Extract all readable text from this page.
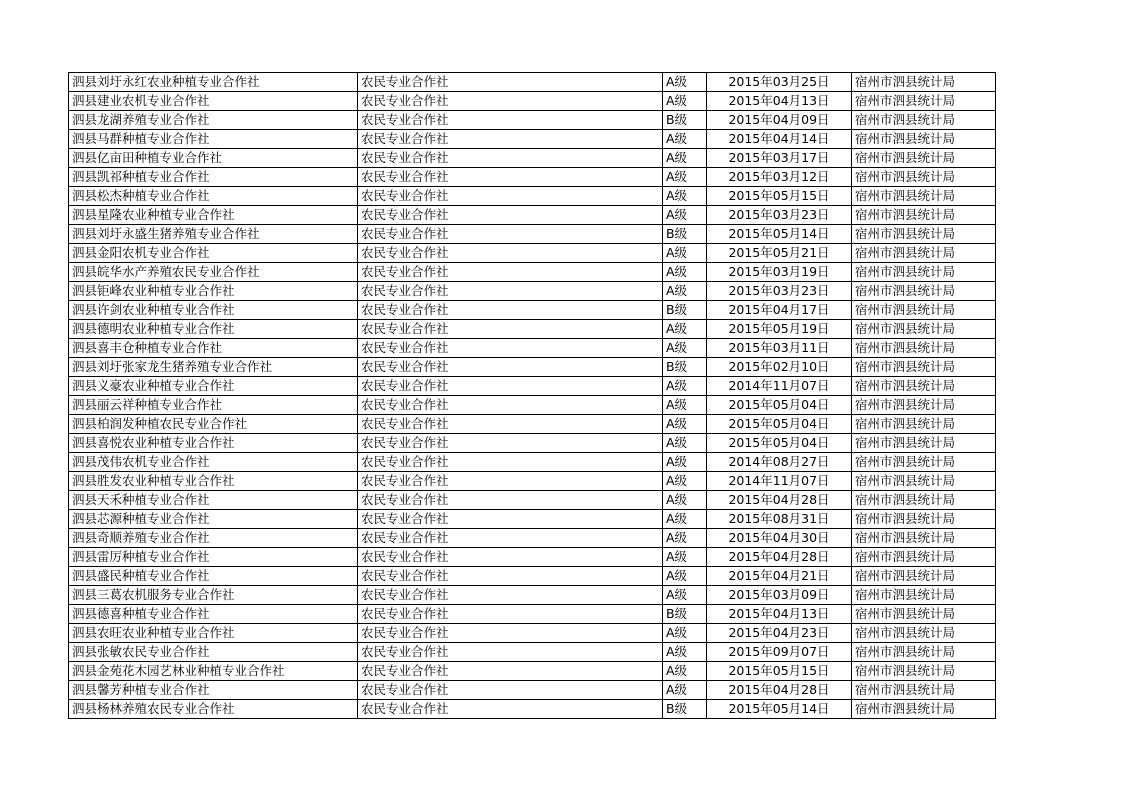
泗县刘圩永红农业种植专业合作社	农民专业合作社	A级	2015年03月25日	宿州市泗县统计局
泗县建业农机专业合作社	农民专业合作社	A级	2015年04月13日	宿州市泗县统计局
泗县龙湖养殖专业合作社	农民专业合作社	B级	2015年04月09日	宿州市泗县统计局
泗县马群种植专业合作社	农民专业合作社	A级	2015年04月14日	宿州市泗县统计局
泗县亿亩田种植专业合作社	农民专业合作社	A级	2015年03月17日	宿州市泗县统计局
泗县凯祁种植专业合作社	农民专业合作社	A级	2015年03月12日	宿州市泗县统计局
泗县松杰种植专业合作社	农民专业合作社	A级	2015年05月15日	宿州市泗县统计局
泗县星隆农业种植专业合作社	农民专业合作社	A级	2015年03月23日	宿州市泗县统计局
泗县刘圩永盛生猪养殖专业合作社	农民专业合作社	B级	2015年05月14日	宿州市泗县统计局
泗县金阳农机专业合作社	农民专业合作社	A级	2015年05月21日	宿州市泗县统计局
泗县皖华水产养殖农民专业合作社	农民专业合作社	A级	2015年03月19日	宿州市泗县统计局
泗县钜峰农业种植专业合作社	农民专业合作社	A级	2015年03月23日	宿州市泗县统计局
泗县许剑农业种植专业合作社	农民专业合作社	B级	2015年04月17日	宿州市泗县统计局
泗县德明农业种植专业合作社	农民专业合作社	A级	2015年05月19日	宿州市泗县统计局
泗县喜丰仓种植专业合作社	农民专业合作社	A级	2015年03月11日	宿州市泗县统计局
泗县刘圩张家龙生猪养殖专业合作社	农民专业合作社	B级	2015年02月10日	宿州市泗县统计局
泗县义豪农业种植专业合作社	农民专业合作社	A级	2014年11月07日	宿州市泗县统计局
泗县丽云祥种植专业合作社	农民专业合作社	A级	2015年05月04日	宿州市泗县统计局
泗县柏润发种植农民专业合作社	农民专业合作社	A级	2015年05月04日	宿州市泗县统计局
泗县喜悦农业种植专业合作社	农民专业合作社	A级	2015年05月04日	宿州市泗县统计局
泗县茂伟农机专业合作社	农民专业合作社	A级	2014年08月27日	宿州市泗县统计局
泗县胜发农业种植专业合作社	农民专业合作社	A级	2014年11月07日	宿州市泗县统计局
泗县天禾种植专业合作社	农民专业合作社	A级	2015年04月28日	宿州市泗县统计局
泗县芯源种植专业合作社	农民专业合作社	A级	2015年08月31日	宿州市泗县统计局
泗县奇顺养殖专业合作社	农民专业合作社	A级	2015年04月30日	宿州市泗县统计局
泗县雷厉种植专业合作社	农民专业合作社	A级	2015年04月28日	宿州市泗县统计局
泗县盛民种植专业合作社	农民专业合作社	A级	2015年04月21日	宿州市泗县统计局
泗县三葛农机服务专业合作社	农民专业合作社	A级	2015年03月09日	宿州市泗县统计局
泗县德喜种植专业合作社	农民专业合作社	B级	2015年04月13日	宿州市泗县统计局
泗县农旺农业种植专业合作社	农民专业合作社	A级	2015年04月23日	宿州市泗县统计局
泗县张敏农民专业合作社	农民专业合作社	A级	2015年09月07日	宿州市泗县统计局
泗县金苑花木园艺林业种植专业合作社	农民专业合作社	A级	2015年05月15日	宿州市泗县统计局
泗县馨芳种植专业合作社	农民专业合作社	A级	2015年04月28日	宿州市泗县统计局
泗县杨林养殖农民专业合作社	农民专业合作社	B级	2015年05月14日	宿州市泗县统计局
